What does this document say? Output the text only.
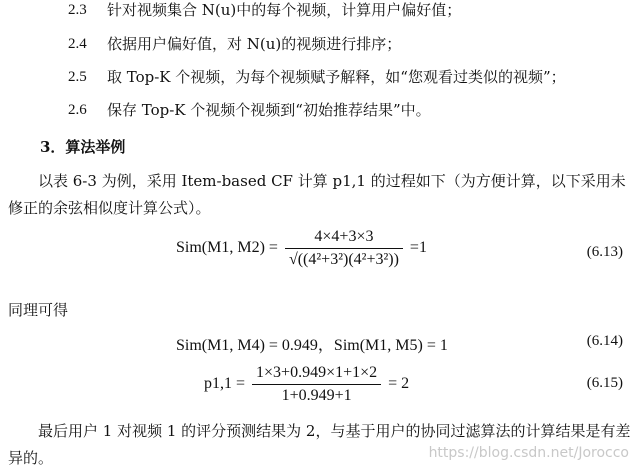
2.3 针对视频集合 N(u)中的每个视频，计算用户偏好值；
2.4 依据用户偏好值，对 N(u)的视频进行排序；
2.5 取 Top-K 个视频，为每个视频赋予解释，如“您观看过类似的视频”；
2.6 保存 Top-K 个视频个视频到“初始推荐结果”中。
3．算法举例
以表 6-3 为例，采用 Item-based CF 计算 p1,1 的过程如下（为方便计算，以下采用未修正的余弦相似度计算公式）。
Sim(M1, $M2) = \frac{4\times 4+3\times 3}{\text{√((4²+3²)(4²+3²))}} =1$	(6.13)
同理可得
Sim(M1, M4) = 0.949，Sim(M1, M5) = 1	(6.14)
$p1,1 = \frac{1\times 3+0.949\times 1+1\times 2}{1+0.949+1} = 2$	(6.15)
最后用户 1 对视频 1 的评分预测结果为 2，与基于用户的协同过滤算法的计算结果是有差异的。	https://blog.csdn.net/Jorocco
